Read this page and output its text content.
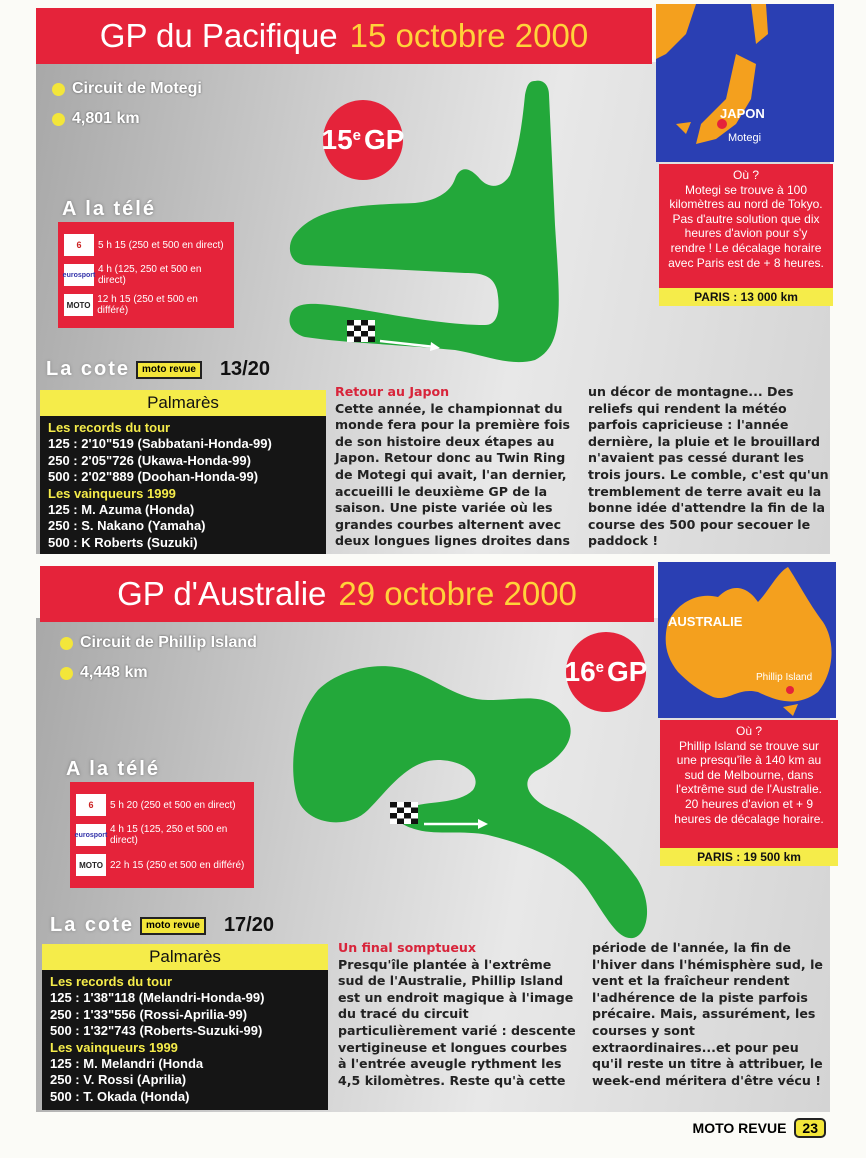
GP du Pacifique 15 octobre 2000
Circuit de Motegi
4,801 km
15 e GP
A la télé
6	5 h 15 (250 et 500 en direct)
eurosport 4 h (125, 250 et 500 en direct)
MOTO 12 h 15 (250 et 500 en différé)
La cote	moto revue	13/20
Palmarès
Les records du tour
125 : 2'10"519 (Sabbatani-Honda-99)
250 : 2'05"726 (Ukawa-Honda-99)
500 : 2'02"889 (Doohan-Honda-99)
Les vainqueurs 1999
125 : M. Azuma (Honda)
250 : S. Nakano (Yamaha)
500 : K Roberts (Suzuki)
Retour au Japon
Cette année, le championnat du monde fera pour la première fois de son histoire deux étapes au Japon. Retour donc au Twin Ring de Motegi qui avait, l'an dernier, accueilli le deuxième GP de la saison. Une piste variée où les grandes courbes alternent avec deux longues lignes droites dans
un décor de montagne... Des reliefs qui rendent la météo parfois capricieuse : l'année dernière, la pluie et le brouillard n'avaient pas cessé durant les trois jours. Le comble, c'est qu'un tremblement de terre avait eu la bonne idée d'attendre la fin de la course des 500 pour secouer le paddock !
JAPON
Motegi
Où ?
Motegi se trouve à 100 kilomètres au nord de Tokyo. Pas d'autre solution que dix heures d'avion pour s'y rendre ! Le décalage horaire avec Paris est de + 8 heures.
PARIS : 13 000 km
GP d'Australie 29 octobre 2000
Circuit de Phillip Island
4,448 km	16 e GP
A la télé
6	5 h 20 (250 et 500 en direct)
eurosport 4 h 15 (125, 250 et 500 en direct)
MOTO 22 h 15 (250 et 500 en différé)
La cote	moto revue	17/20
Palmarès
Les records du tour
125 : 1'38"118 (Melandri-Honda-99)
250 : 1'33"556 (Rossi-Aprilia-99)
500 : 1'32"743 (Roberts-Suzuki-99)
Les vainqueurs 1999
125 : M. Melandri (Honda
250 : V. Rossi (Aprilia)
500 : T. Okada (Honda)
Un final somptueux
Presqu'île plantée à l'extrême sud de l'Australie, Phillip Island est un endroit magique à l'image du tracé du circuit particulièrement varié : descente vertigineuse et longues courbes à l'entrée aveugle rythment les 4,5 kilomètres. Reste qu'à cette
période de l'année, la fin de l'hiver dans l'hémisphère sud, le vent et la fraîcheur rendent l'adhérence de la piste parfois précaire. Mais, assurément, les courses y sont extraordinaires...et pour peu qu'il reste un titre à attribuer, le week-end méritera d'être vécu !
AUSTRALIE
Phillip Island
Où ?
Phillip Island se trouve sur une presqu'île à 140 km au sud de Melbourne, dans l'extrême sud de l'Australie. 20 heures d'avion et + 9 heures de décalage horaire.
PARIS : 19 500 km
MOTO REVUE	23
